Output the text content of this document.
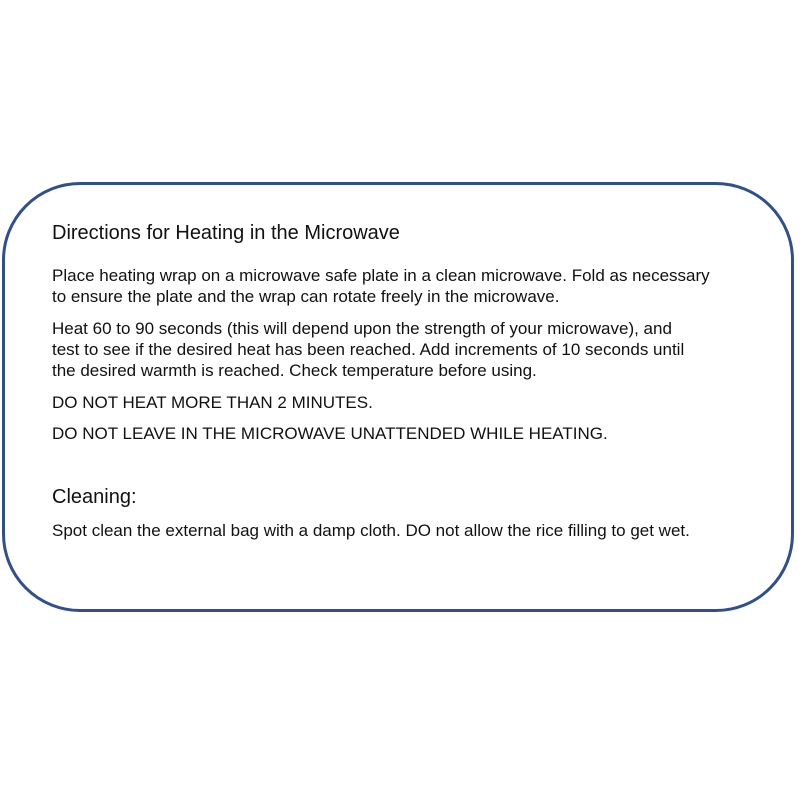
Directions for Heating in the Microwave
Place heating wrap on a microwave safe plate in a clean microwave. Fold as necessary
to ensure the plate and the wrap can rotate freely in the microwave.
Heat 60 to 90 seconds (this will depend upon the strength of your microwave), and
test to see if the desired heat has been reached. Add increments of 10 seconds until
the desired warmth is reached. Check temperature before using.
DO NOT HEAT MORE THAN 2 MINUTES.
DO NOT LEAVE IN THE MICROWAVE UNATTENDED WHILE HEATING.
Cleaning:
Spot clean the external bag with a damp cloth. DO not allow the rice filling to get wet.
